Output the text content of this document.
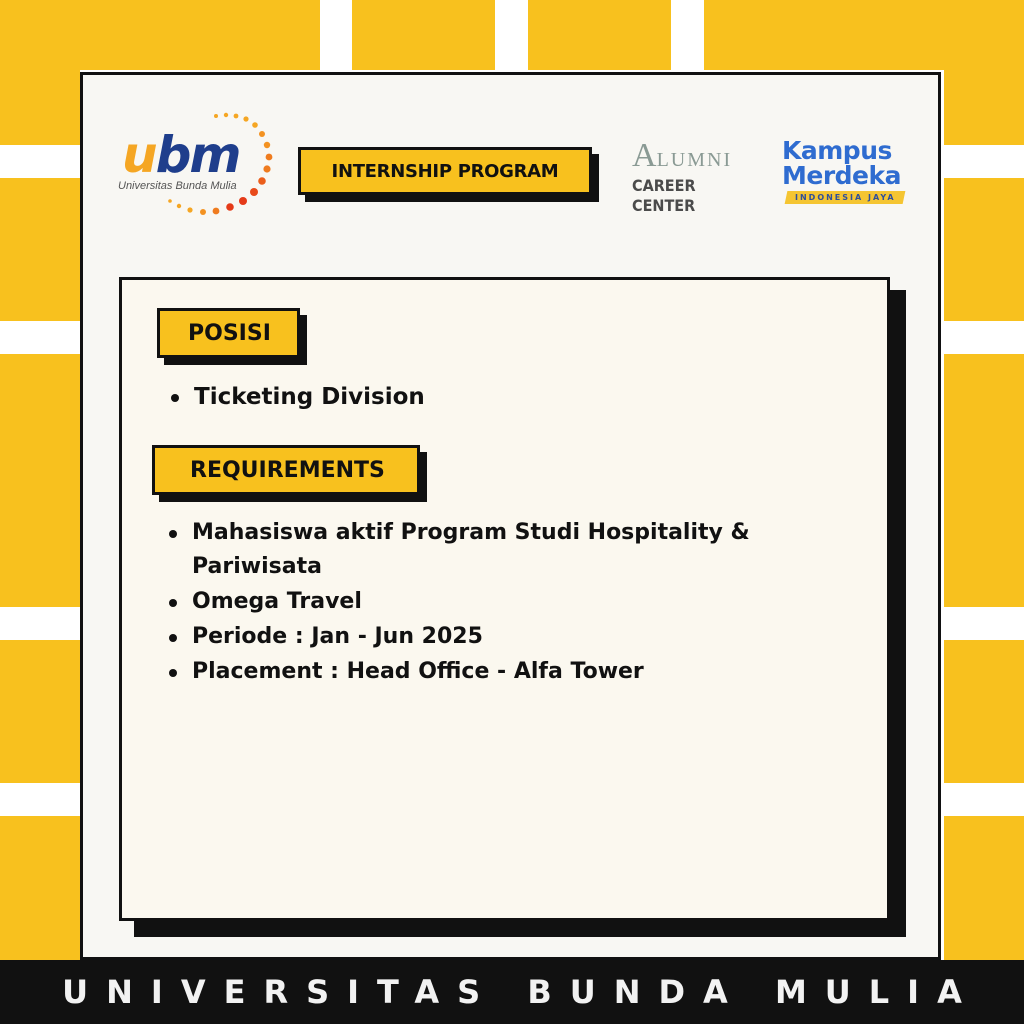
ubm
Universitas Bunda Mulia
INTERNSHIP PROGRAM	ALUMNI
CAREER CENTER
Kampus
Merdeka
INDONESIA JAYA
POSISI
Ticketing Division
REQUIREMENTS
Mahasiswa aktif Program Studi Hospitality & Pariwisata
Omega Travel
Periode : Jan - Jun 2025
Placement : Head Office - Alfa Tower
UNIVERSITAS BUNDA MULIA
